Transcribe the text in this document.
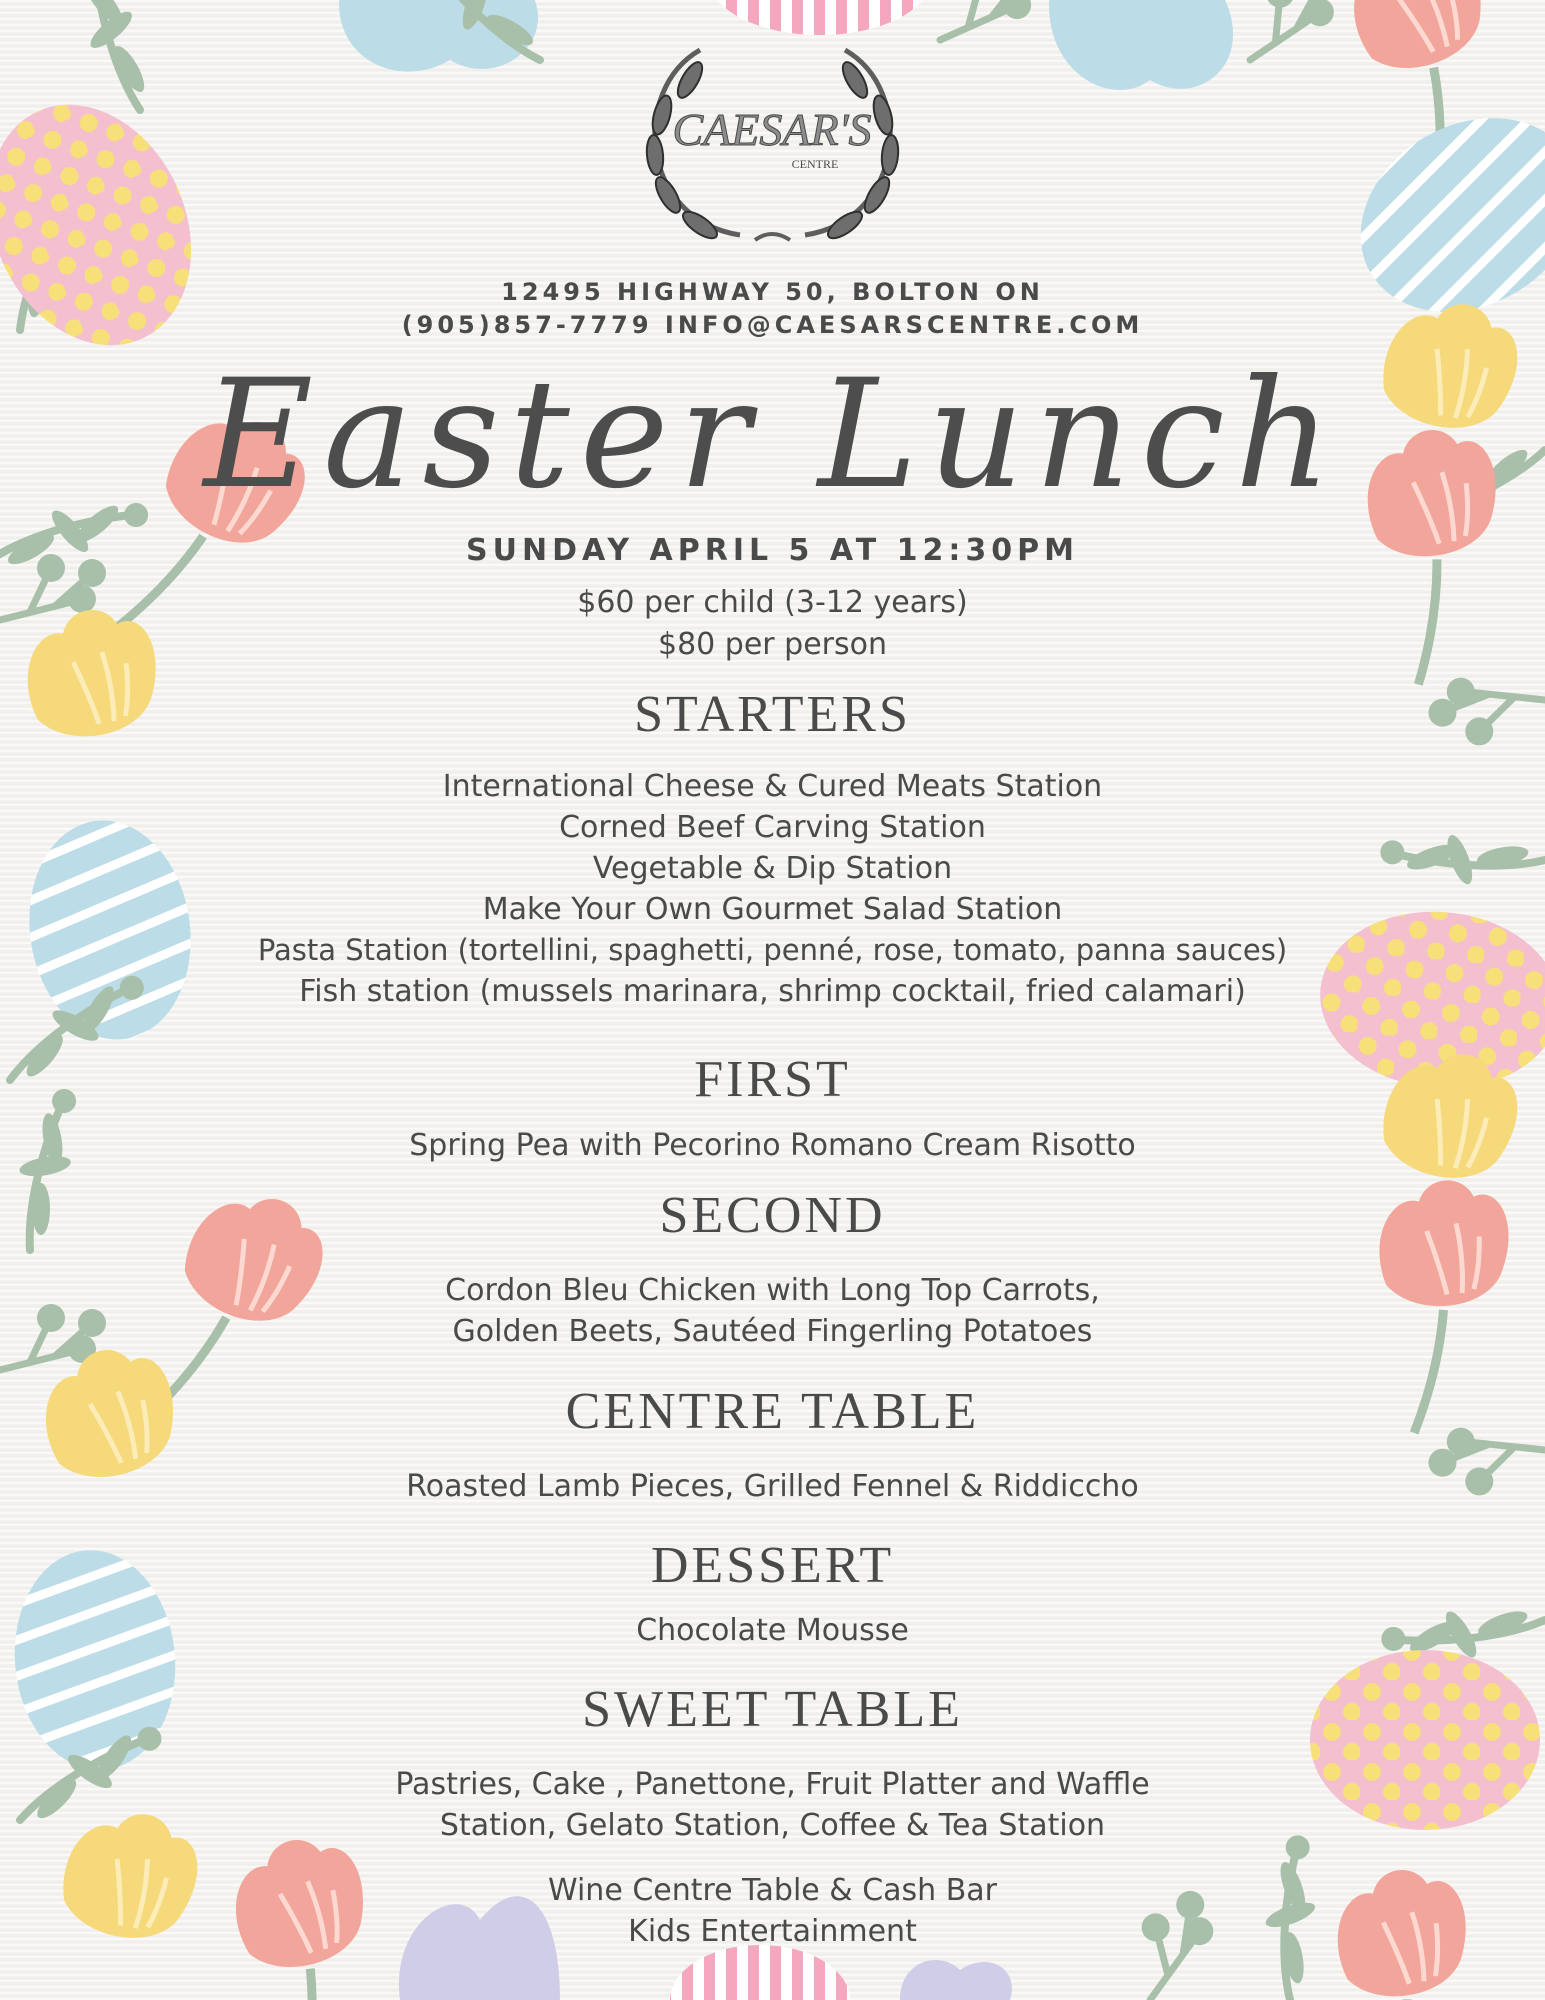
CAESAR'S
CENTRE
12495 HIGHWAY 50, BOLTON ON
(905)857-7779 INFO@CAESARSCENTRE.COM
Easter Lunch
SUNDAY APRIL 5 AT 12:30PM
$60 per child (3-12 years)
$80 per person
STARTERS
International Cheese & Cured Meats Station
Corned Beef Carving Station
Vegetable & Dip Station
Make Your Own Gourmet Salad Station
Pasta Station (tortellini, spaghetti, penné, rose, tomato, panna sauces)
Fish station (mussels marinara, shrimp cocktail, fried calamari)
FIRST
Spring Pea with Pecorino Romano Cream Risotto
SECOND
Cordon Bleu Chicken with Long Top Carrots,
Golden Beets, Sautéed Fingerling Potatoes
CENTRE TABLE
Roasted Lamb Pieces, Grilled Fennel & Riddiccho
DESSERT
Chocolate Mousse
SWEET TABLE
Pastries, Cake , Panettone, Fruit Platter and Waffle
Station, Gelato Station, Coffee & Tea Station
Wine Centre Table & Cash Bar
Kids Entertainment
